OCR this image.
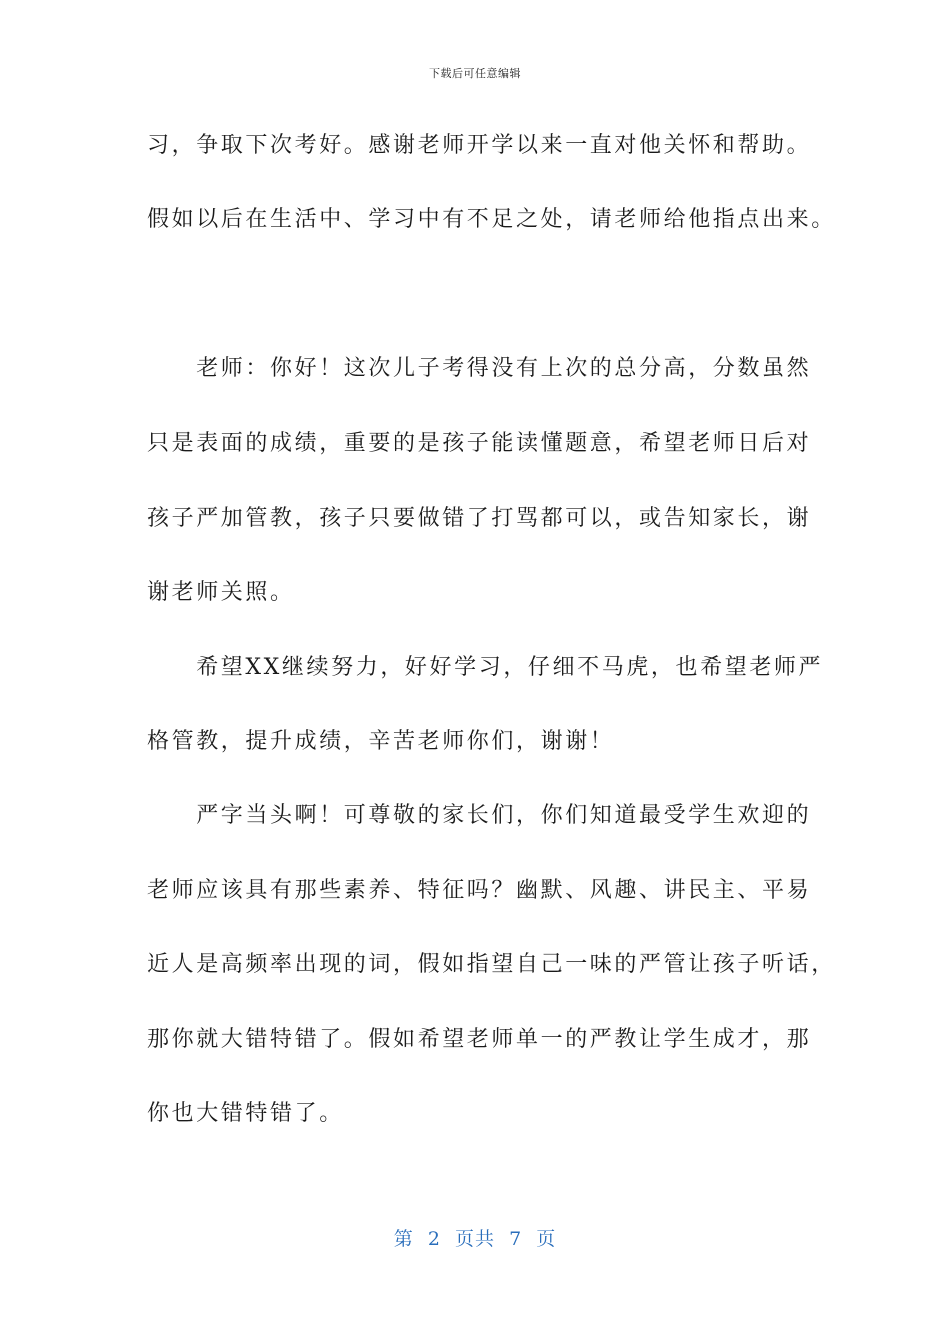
下载后可任意编辑
习，争取下次考好。感谢老师开学以来一直对他关怀和帮助。
假如以后在生活中、学习中有不足之处，请老师给他指点出来。
　　老师：你好！这次儿子考得没有上次的总分高，分数虽然
只是表面的成绩，重要的是孩子能读懂题意，希望老师日后对
孩子严加管教，孩子只要做错了打骂都可以，或告知家长，谢
谢老师关照。
　　希望XX继续努力，好好学习，仔细不马虎，也希望老师严
格管教，提升成绩，辛苦老师你们，谢谢！
　　严字当头啊！可尊敬的家长们，你们知道最受学生欢迎的
老师应该具有那些素养、特征吗？幽默、风趣、讲民主、平易
近人是高频率出现的词，假如指望自己一味的严管让孩子听话，
那你就大错特错了。假如希望老师单一的严教让学生成才，那
你也大错特错了。
第  2  页共  7  页
